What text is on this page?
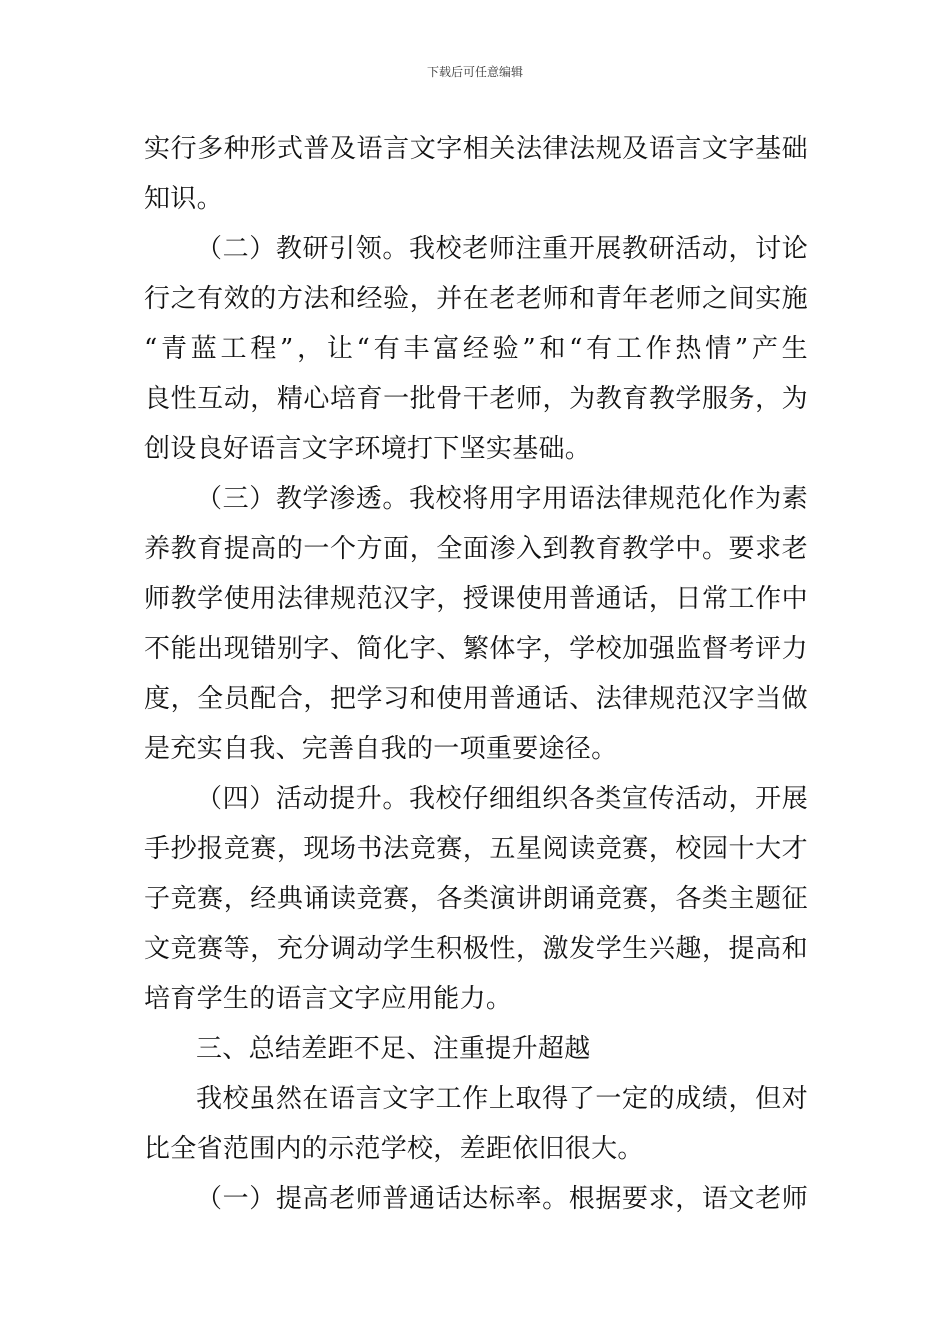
下载后可任意编辑
实行多种形式普及语言文字相关法律法规及语言文字基础
知识。
（二）教研引领。我校老师注重开展教研活动，讨论
行之有效的方法和经验，并在老老师和青年老师之间实施
“青蓝工程”，让“有丰富经验”和“有工作热情”产生
良性互动，精心培育一批骨干老师，为教育教学服务，为
创设良好语言文字环境打下坚实基础。
（三）教学渗透。我校将用字用语法律规范化作为素
养教育提高的一个方面，全面渗入到教育教学中。要求老
师教学使用法律规范汉字，授课使用普通话，日常工作中
不能出现错别字、简化字、繁体字，学校加强监督考评力
度，全员配合，把学习和使用普通话、法律规范汉字当做
是充实自我、完善自我的一项重要途径。
（四）活动提升。我校仔细组织各类宣传活动，开展
手抄报竞赛，现场书法竞赛，五星阅读竞赛，校园十大才
子竞赛，经典诵读竞赛，各类演讲朗诵竞赛，各类主题征
文竞赛等，充分调动学生积极性，激发学生兴趣，提高和
培育学生的语言文字应用能力。
三、总结差距不足、注重提升超越
我校虽然在语言文字工作上取得了一定的成绩，但对
比全省范围内的示范学校，差距依旧很大。
（一）提高老师普通话达标率。根据要求，语文老师
